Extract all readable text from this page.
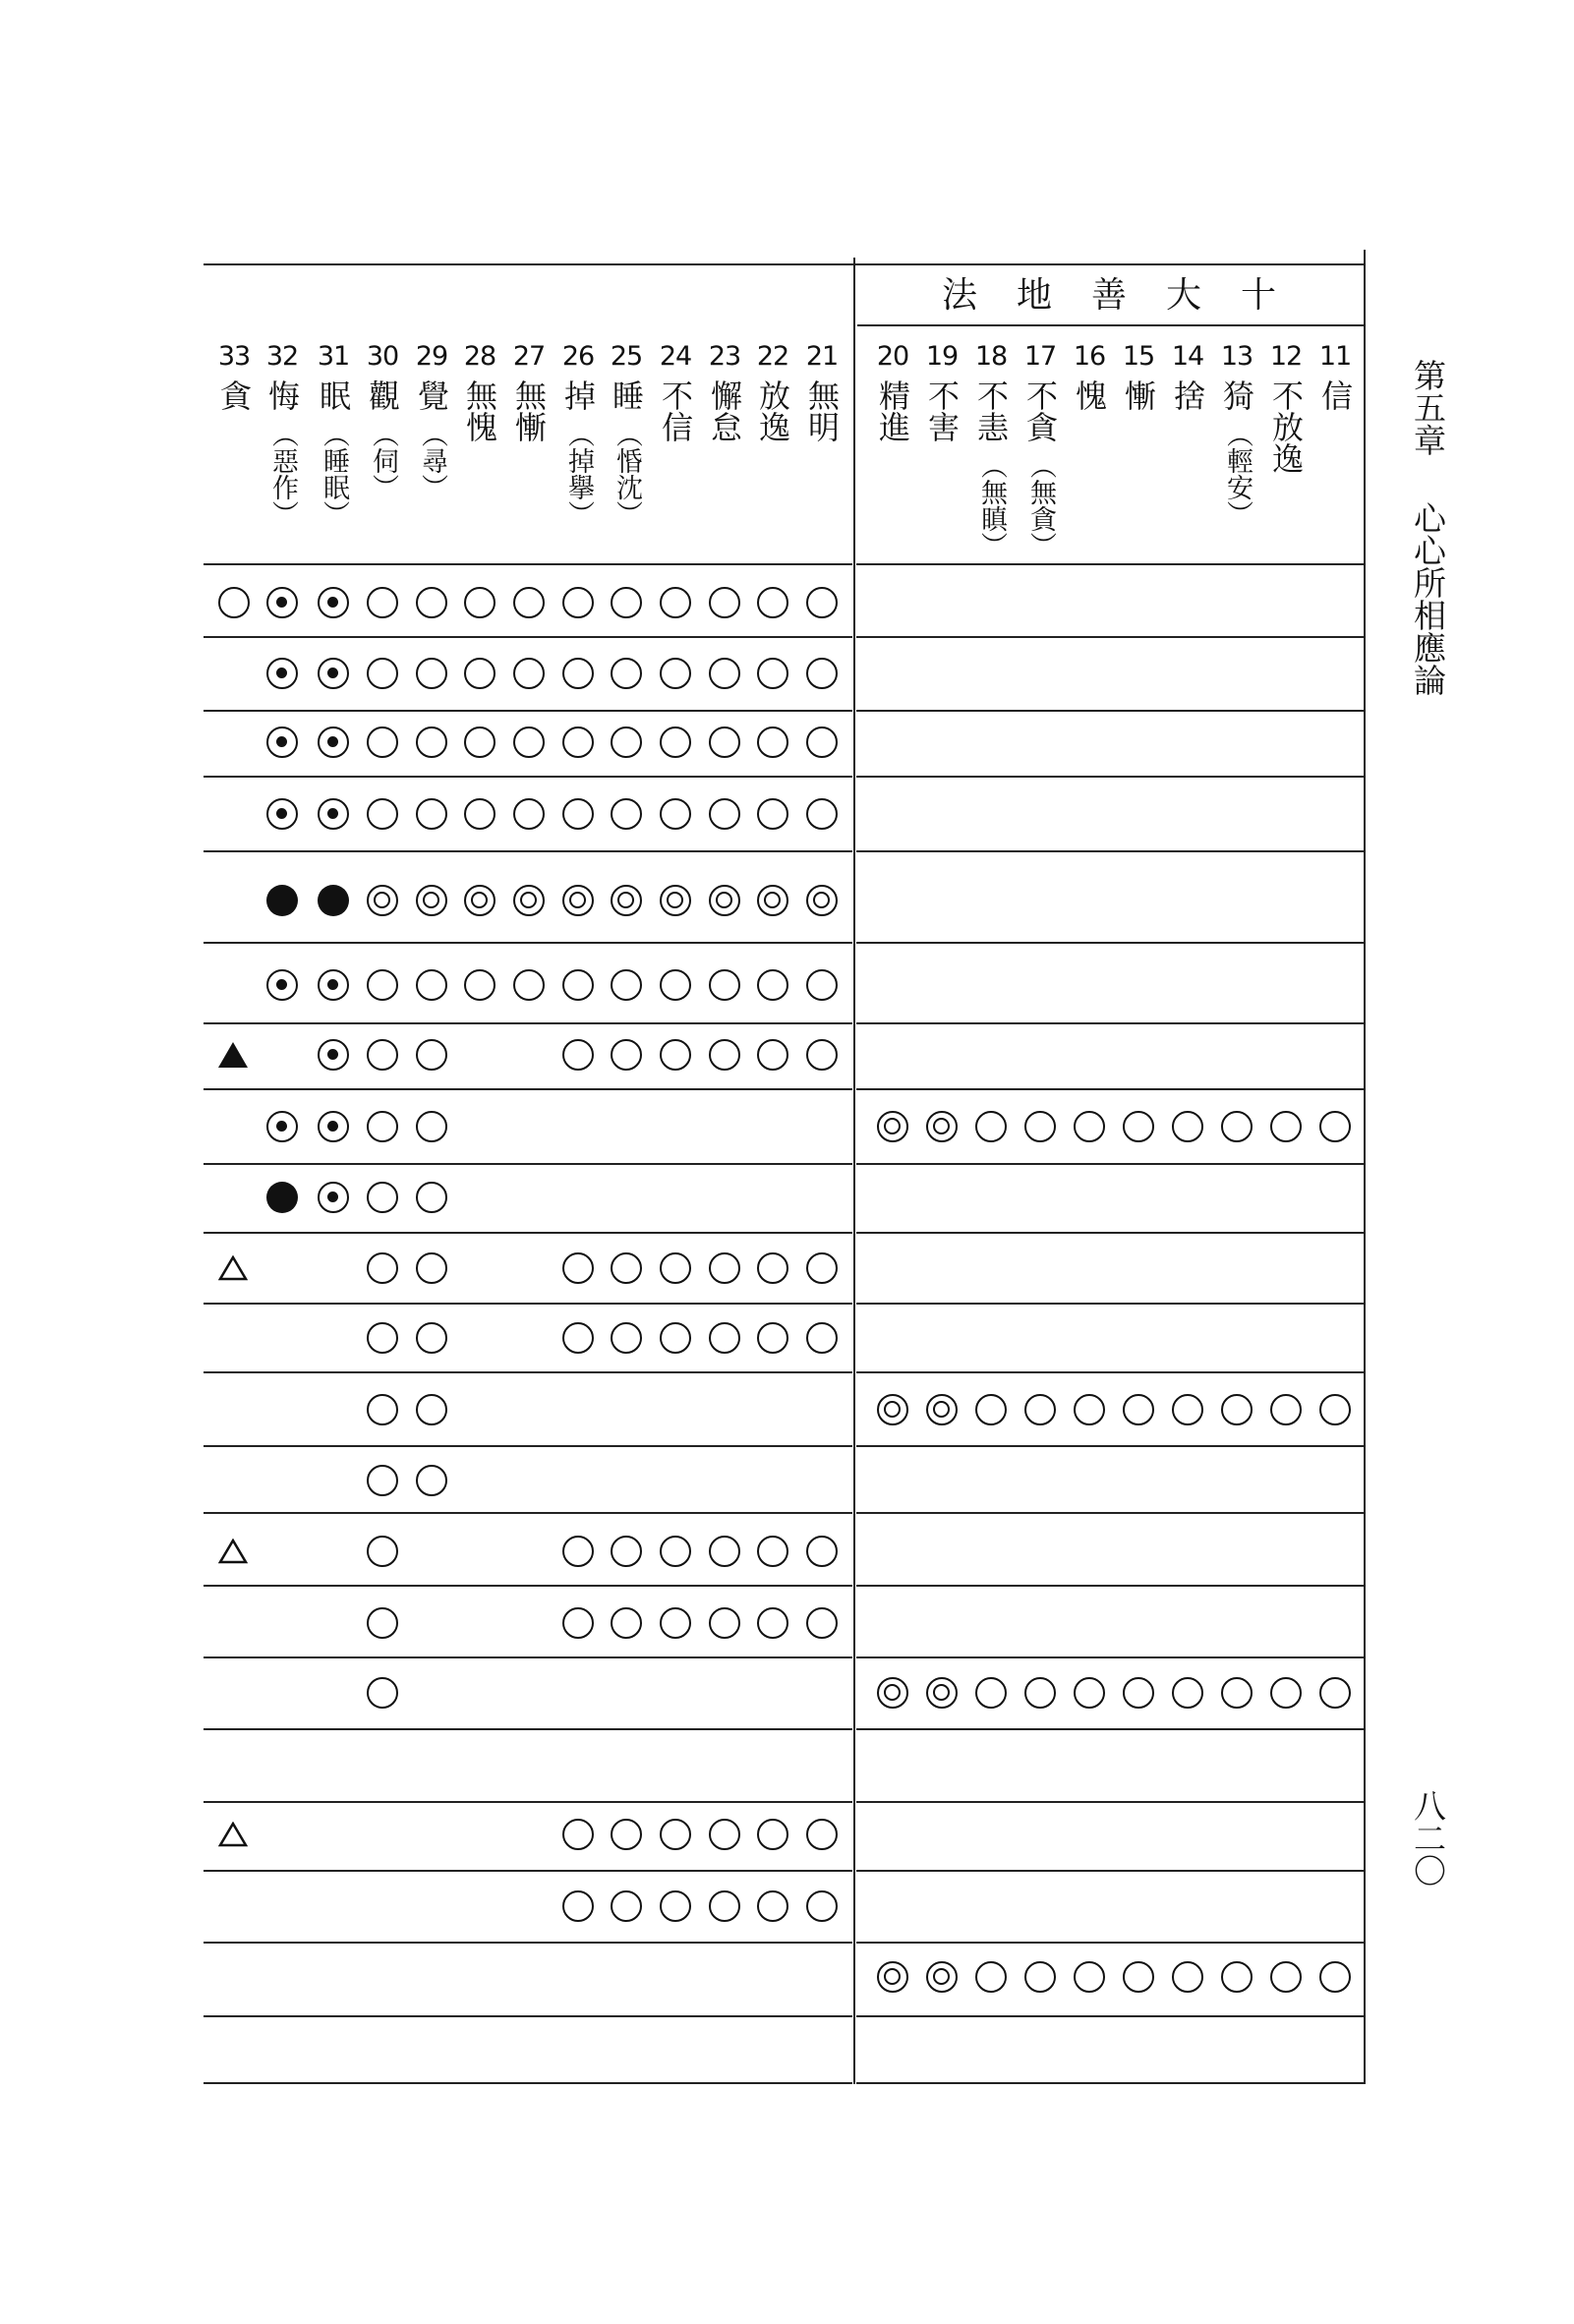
十
大
善
地
法
33
貪
32
悔
（惡作）
31
眠
（睡眠）
30
觀
（伺）
29
覺
（尋）
28
無愧
27
無慚
26
掉
（掉擧）
25
睡
（惛沈）
24
不信
23
懈怠
22
放逸
21
無明
20
精進
19
不害
18
不恚
（無瞋）
17
不貪
（無貪）
16
愧
15
慚
14
捨
13
猗
（輕安）
12
不放逸
11
信 第五章
心心所相應論
八二〇
